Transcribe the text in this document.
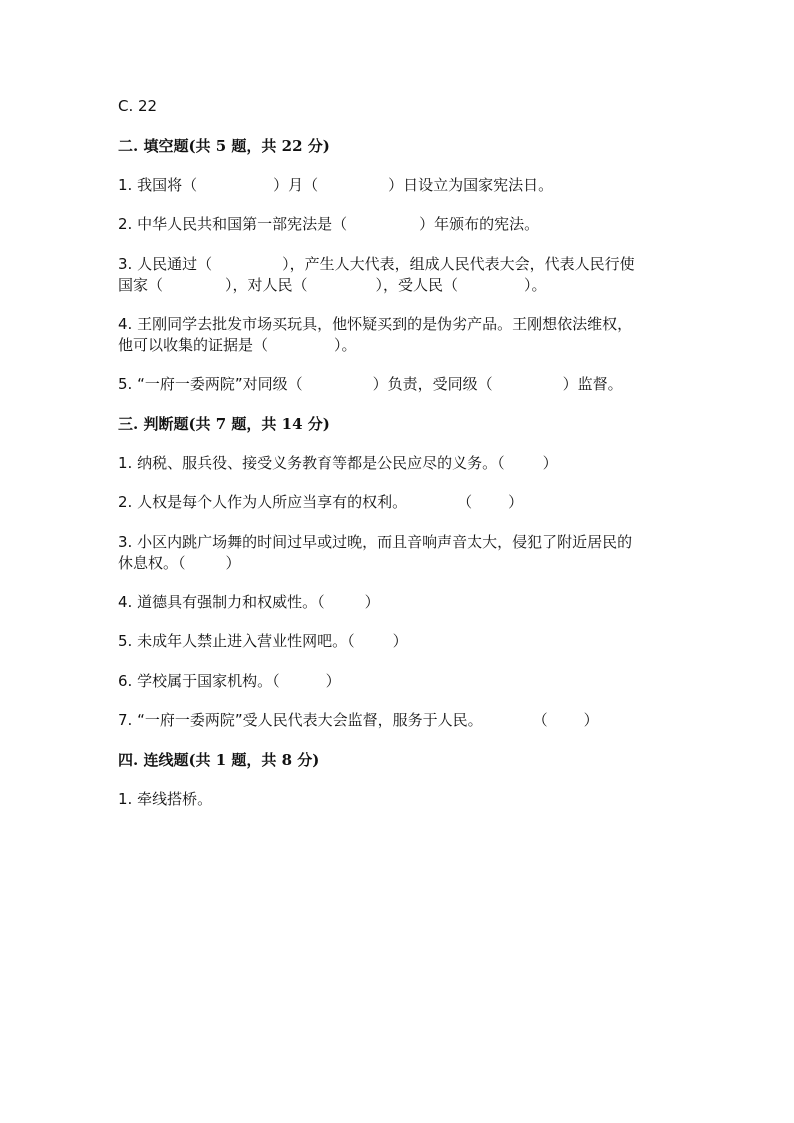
C. 22
二. 填空题(共 5 题，共 22 分)
1. 我国将（	）月（	）日设立为国家宪法日。
2. 中华人民共和国第一部宪法是（	）年颁布的宪法。
3. 人民通过（	），产生人大代表，组成人民代表大会，代表人民行使
国家（	），对人民（	），受人民（	）。
4. 王刚同学去批发市场买玩具，他怀疑买到的是伪劣产品。王刚想依法维权，
他可以收集的证据是（	）。
5. “一府一委两院”对同级（	）负责，受同级（	）监督。
三. 判断题(共 7 题，共 14 分)
1. 纳税、服兵役、接受义务教育等都是公民应尽的义务。（	）
2. 人权是每个人作为人所应当享有的权利。	（ ）
3. 小区内跳广场舞的时间过早或过晚，而且音响声音太大，侵犯了附近居民的
休息权。（	）
4. 道德具有强制力和权威性。（	）
5. 未成年人禁止进入营业性网吧。（	）
6. 学校属于国家机构。（	）
7. “一府一委两院”受人民代表大会监督，服务于人民。	（ ）
四. 连线题(共 1 题，共 8 分)
1. 牵线搭桥。
